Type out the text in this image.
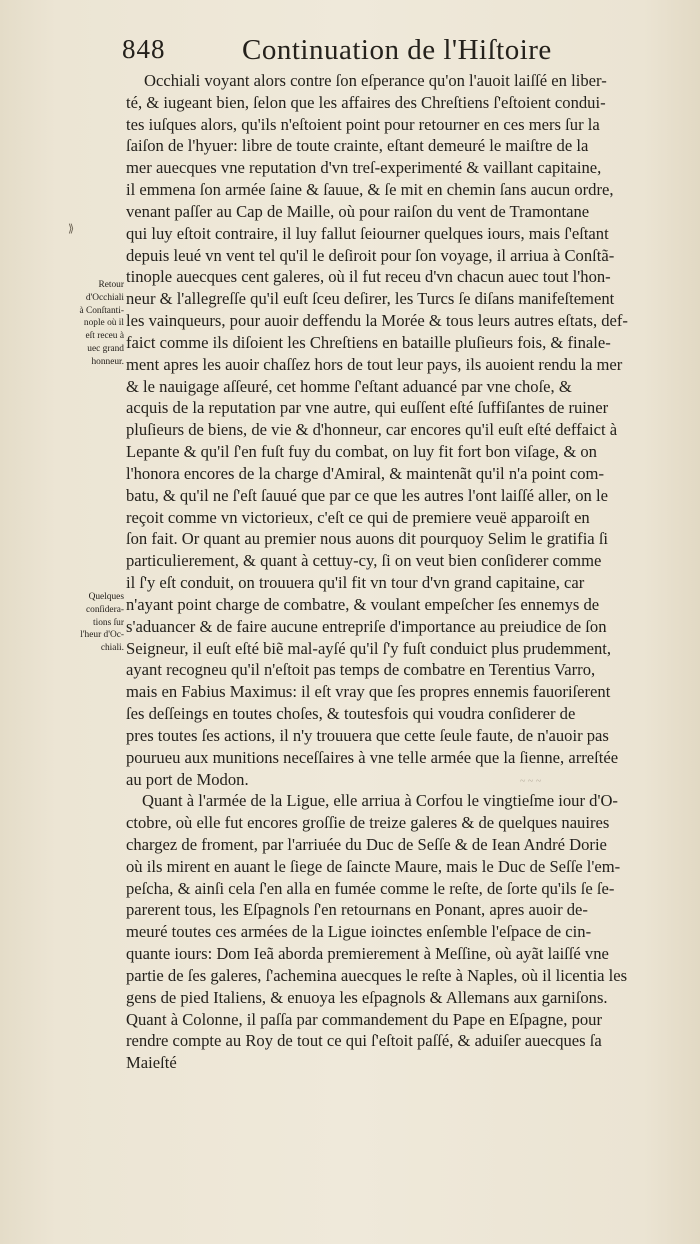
848	Continuation de l'Hiſtoire
⟫
Occhiali voyant alors contre ſon eſperance qu'on l'auoit laiſſé en liber-
té, & iugeant bien, ſelon que les affaires des Chreſtiens ſ'eſtoient condui-
tes iuſques alors, qu'ils n'eſtoient point pour retourner en ces mers ſur la
ſaiſon de l'hyuer: libre de toute crainte, eſtant demeuré le maiſtre de la
mer auecques vne reputation d'vn treſ-experimenté & vaillant capitaine,
il emmena ſon armée ſaine & ſauue, & ſe mit en chemin ſans aucun ordre,
venant paſſer au Cap de Maille, où pour raiſon du vent de Tramontane
qui luy eſtoit contraire, il luy fallut ſeiourner quelques iours, mais ſ'eſtant
depuis leué vn vent tel qu'il le deſiroit pour ſon voyage, il arriua à Conſtã-
tinople auecques cent galeres, où il fut receu d'vn chacun auec tout l'hon-
neur & l'allegreſſe qu'il euſt ſceu deſirer, les Turcs ſe diſans manifeſtement
les vainqueurs, pour auoir deffendu la Morée & tous leurs autres eſtats, def-
faict comme ils diſoient les Chreſtiens en bataille pluſieurs fois, & finale-
ment apres les auoir chaſſez hors de tout leur pays, ils auoient rendu la mer
& le nauigage aſſeuré, cet homme ſ'eſtant aduancé par vne choſe, &
acquis de la reputation par vne autre, qui euſſent eſté ſuffiſantes de ruiner
pluſieurs de biens, de vie & d'honneur, car encores qu'il euſt eſté deffaict à
Lepante & qu'il ſ'en fuſt fuy du combat, on luy fit fort bon viſage, & on
l'honora encores de la charge d'Amiral, & maintenãt qu'il n'a point com-
batu, & qu'il ne ſ'eſt ſauué que par ce que les autres l'ont laiſſé aller, on le
reçoit comme vn victorieux, c'eſt ce qui de premiere veuë apparoiſt en
ſon fait. Or quant au premier nous auons dit pourquoy Selim le gratifia ſi
particulierement, & quant à cettuy-cy, ſi on veut bien conſiderer comme
il ſ'y eſt conduit, on trouuera qu'il fit vn tour d'vn grand capitaine, car
n'ayant point charge de combatre, & voulant empeſcher ſes ennemys de
s'aduancer & de faire aucune entrepriſe d'importance au preiudice de ſon
Seigneur, il euſt eſté biẽ mal-ayſé qu'il ſ'y fuſt conduict plus prudemment,
ayant recogneu qu'il n'eſtoit pas temps de combatre en Terentius Varro,
mais en Fabius Maximus: il eſt vray que ſes propres ennemis fauoriſerent
ſes deſſeings en toutes choſes, & toutesfois qui voudra conſiderer de
pres toutes ſes actions, il n'y trouuera que cette ſeule faute, de n'auoir pas
pourueu aux munitions neceſſaires à vne telle armée que la ſienne, arreſtée
au port de Modon.
Quant à l'armée de la Ligue, elle arriua à Corfou le vingtieſme iour d'O-
ctobre, où elle fut encores groſſie de treize galeres & de quelques nauires
chargez de froment, par l'arriuée du Duc de Seſſe & de Iean André Dorie
où ils mirent en auant le ſiege de ſaincte Maure, mais le Duc de Seſſe l'em-
peſcha, & ainſi cela ſ'en alla en fumée comme le reſte, de ſorte qu'ils ſe ſe-
parerent tous, les Eſpagnols ſ'en retournans en Ponant, apres auoir de-
meuré toutes ces armées de la Ligue ioinctes enſemble l'eſpace de cin-
quante iours: Dom Ieã aborda premierement à Meſſine, où ayãt laiſſé vne
partie de ſes galeres, ſ'achemina auecques le reſte à Naples, où il licentia les
gens de pied Italiens, & enuoya les eſpagnols & Allemans aux garniſons.
Quant à Colonne, il paſſa par commandement du Pape en Eſpagne, pour
rendre compte au Roy de tout ce qui ſ'eſtoit paſſé, & aduiſer auecques ſa
Maieſté
Retour
d'Occhiali
à Conſtanti-
nople où il
eſt receu à
uec grand
honneur.
Quelques
conſidera-
tions ſur
l'heur d'Oc-
chiali.
~ ~ ~
